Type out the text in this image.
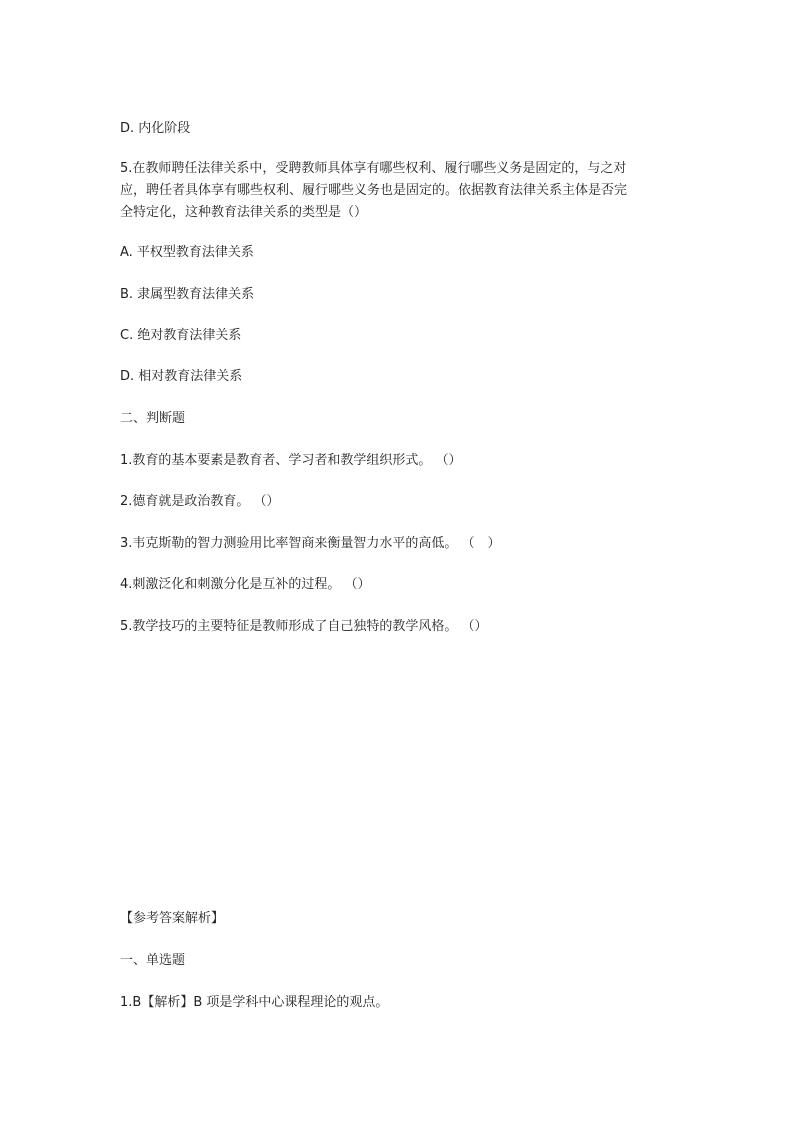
D. 内化阶段
5.在教师聘任法律关系中，受聘教师具体享有哪些权利、履行哪些义务是固定的，与之对
应，聘任者具体享有哪些权利、履行哪些义务也是固定的。依据教育法律关系主体是否完
全特定化，这种教育法律关系的类型是（）
A. 平权型教育法律关系
B. 隶属型教育法律关系
C. 绝对教育法律关系
D. 相对教育法律关系
二、判断题
1.教育的基本要素是教育者、学习者和教学组织形式。 （）
2.德育就是政治教育。 （）
3.韦克斯勒的智力测验用比率智商来衡量智力水平的高低。 （　）
4.刺激泛化和刺激分化是互补的过程。 （）
5.教学技巧的主要特征是教师形成了自己独特的教学风格。 （）
【参考答案解析】
一、单选题
1.B【解析】B 项是学科中心课程理论的观点。
